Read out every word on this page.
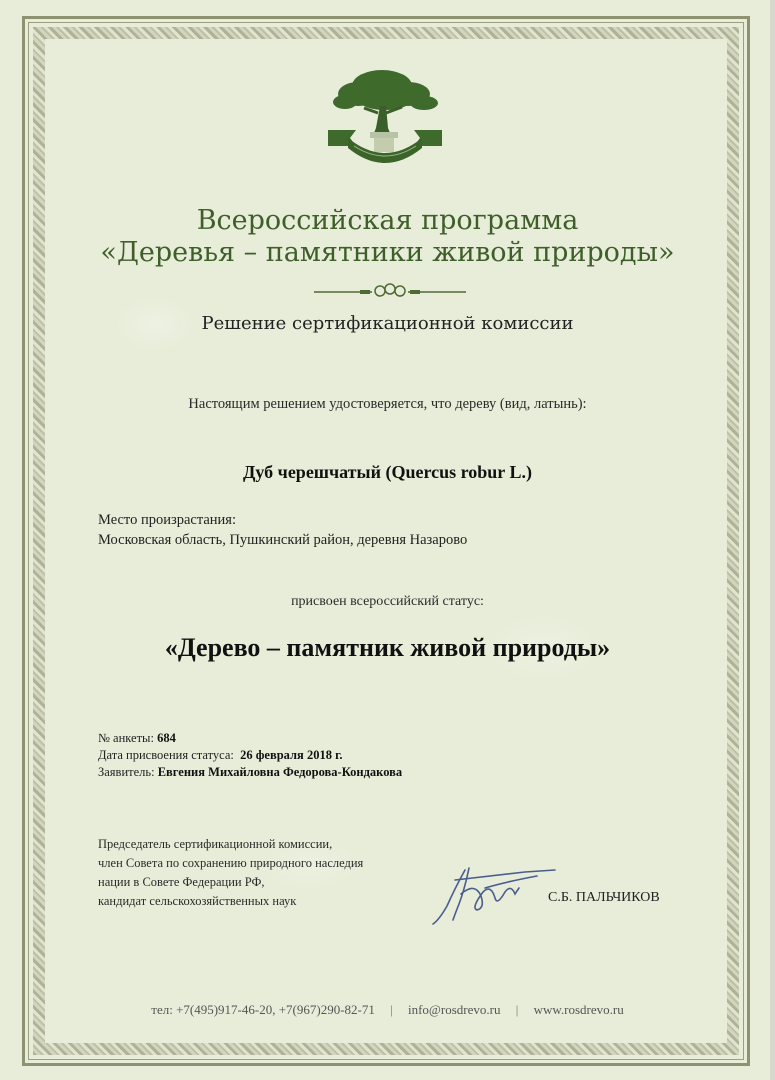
Всероссийская программа
«Деревья – памятники живой природы»
Решение сертификационной комиссии
Настоящим решением удостоверяется, что дереву (вид, латынь):
Дуб черешчатый (Quercus robur L.)
Место произрастания:
Московская область, Пушкинский район, деревня Назарово
присвоен всероссийский статус:
«Дерево – памятник живой природы»
№ анкеты: 684
Дата присвоения статуса: 26 февраля 2018 г.
Заявитель: Евгения Михайловна Федорова-Кондакова
Председатель сертификационной комиссии,
член Совета по сохранению природного наследия
нации в Совете Федерации РФ,
кандидат сельскохозяйственных наук	С.Б. ПАЛЬЧИКОВ
тел: +7(495)917-46-20, +7(967)290-82-71 | info@rosdrevo.ru | www.rosdrevo.ru
